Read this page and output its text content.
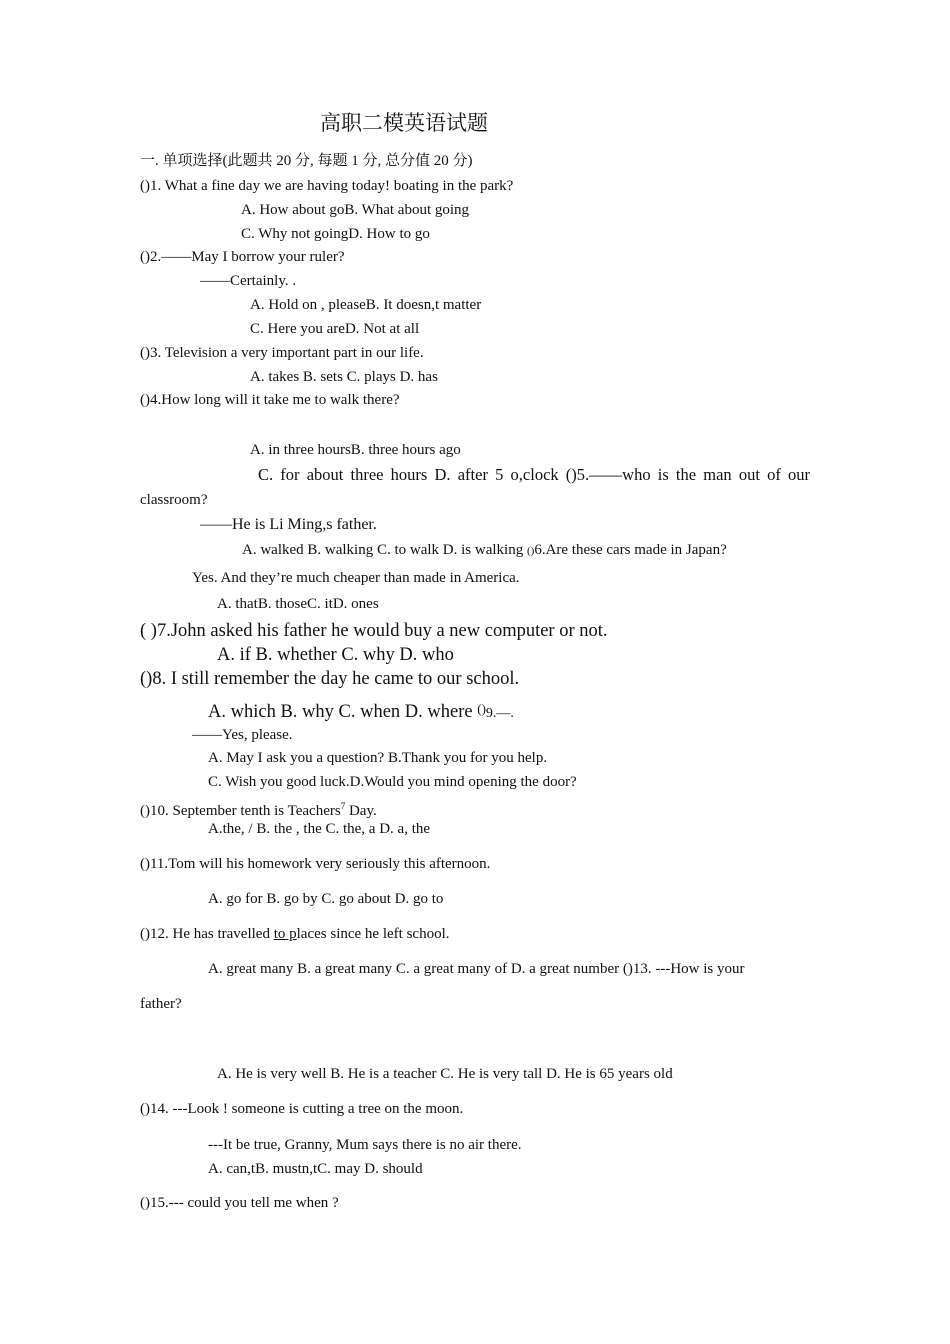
高职二模英语试题
一. 单项选择(此题共 20 分, 每题 1 分, 总分值 20 分)
()1. What a fine day we are having today! boating in the park?
A. How about goB. What about going
C. Why not goingD. How to go
()2.——May I borrow your ruler?
——Certainly. .
A. Hold on , pleaseB. It doesn,t matter
C. Here you areD. Not at all
()3. Television a very important part in our life.
A. takes B. sets C. plays D. has
()4.How long will it take me to walk there?
A. in three hoursB. three hours ago
C. for about three hours D. after 5 o,clock ()5.——who is the man out of our
classroom?
——He is Li Ming,s father.
A. walked B. walking C. to walk D. is walking ()6.Are these cars made in Japan?
Yes. And they’re much cheaper than made in America.
A. thatB. thoseC. itD. ones
( )7.John asked his father he would buy a new computer or not.
A. if B. whether C. why D. who
()8. I still remember the day he came to our school.
A. which B. why C. when D. where ()9.—.
——Yes, please.
A. May I ask you a question? B.Thank you for you help.
C. Wish you good luck.D.Would you mind opening the door?
()10. September tenth is Teachers$^7$ Day.
A.the, / B. the , the C. the, a D. a, the
()11.Tom will his homework very seriously this afternoon.
A. go for B. go by C. go about D. go to
()12. He has travelled to places since he left school.
A. great many B. a great many C. a great many of D. a great number ()13. ---How is your
father?
A. He is very well B. He is a teacher C. He is very tall D. He is 65 years old
()14. ---Look ! someone is cutting a tree on the moon.
---It be true, Granny, Mum says there is no air there.
A. can,tB. mustn,tC. may D. should
()15.--- could you tell me when ?
